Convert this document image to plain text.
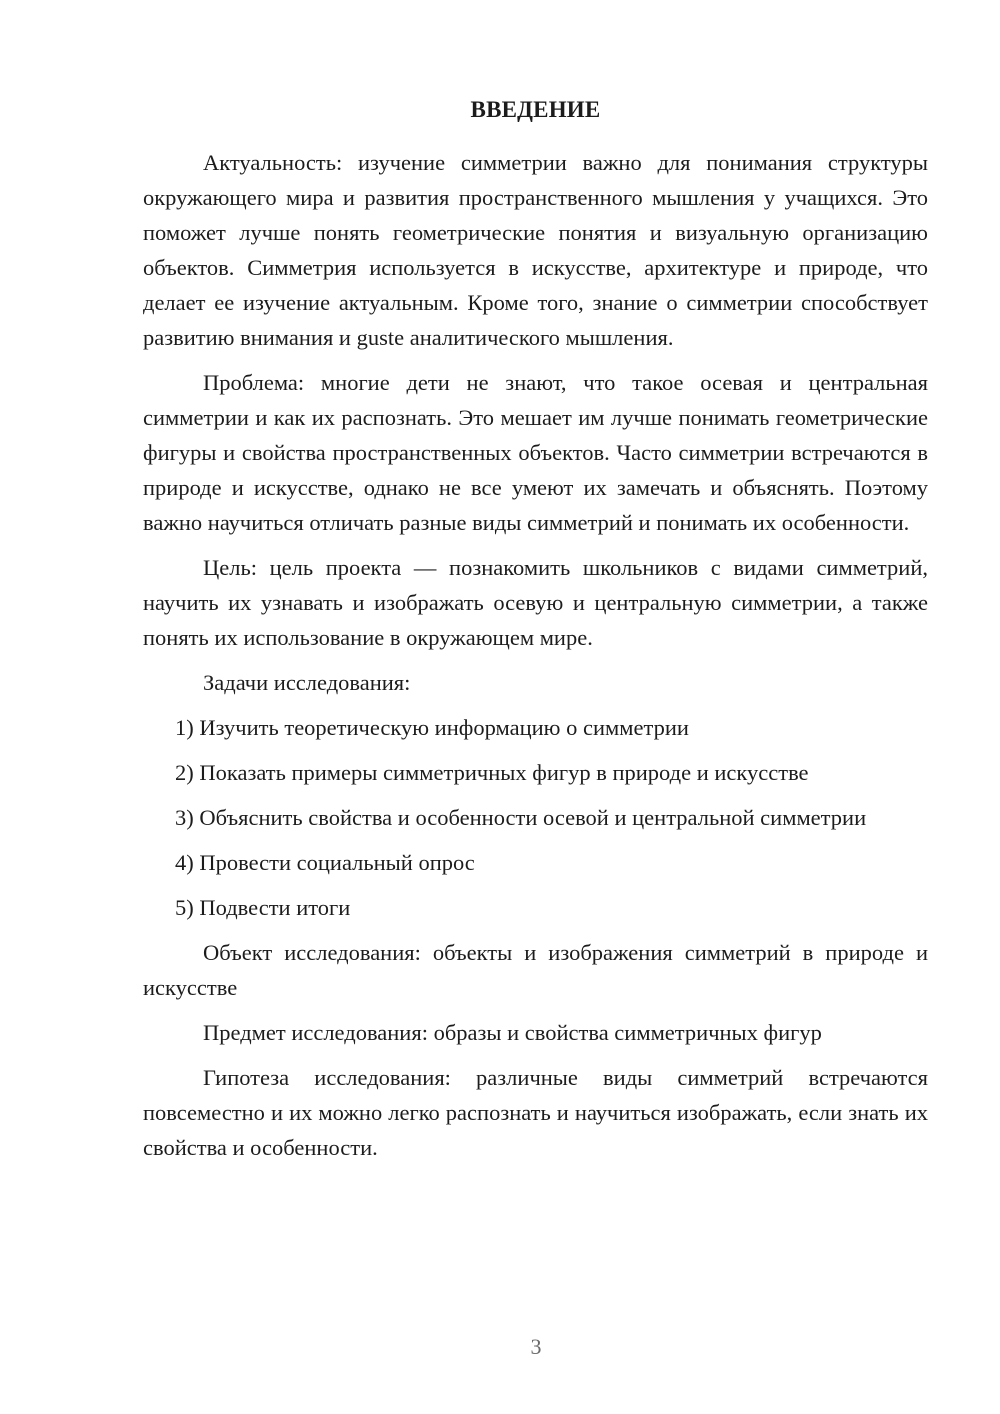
ВВЕДЕНИЕ

Актуальность: изучение симметрии важно для понимания структуры окружающего мира и развития пространственного мышления у учащихся. Это поможет лучше понять геометрические понятия и визуальную организацию объектов. Симметрия используется в искусстве, архитектуре и природе, что делает ее изучение актуальным. Кроме того, знание о симметрии способствует развитию внимания и guste аналитического мышления.

Проблема: многие дети не знают, что такое осевая и центральная симметрии и как их распознать. Это мешает им лучше понимать геометрические фигуры и свойства пространственных объектов. Часто симметрии встречаются в природе и искусстве, однако не все умеют их замечать и объяснять. Поэтому важно научиться отличать разные виды симметрий и понимать их особенности.

Цель: цель проекта — познакомить школьников с видами симметрий, научить их узнавать и изображать осевую и центральную симметрии, а также понять их использование в окружающем мире.

Задачи исследования:

1) Изучить теоретическую информацию о симметрии

2) Показать примеры симметричных фигур в природе и искусстве

3) Объяснить свойства и особенности осевой и центральной симметрии

4) Провести социальный опрос

5) Подвести итоги

Объект исследования: объекты и изображения симметрий в природе и искусстве

Предмет исследования: образы и свойства симметричных фигур

Гипотеза исследования: различные виды симметрий встречаются повсеместно и их можно легко распознать и научиться изображать, если знать их свойства и особенности.

3
